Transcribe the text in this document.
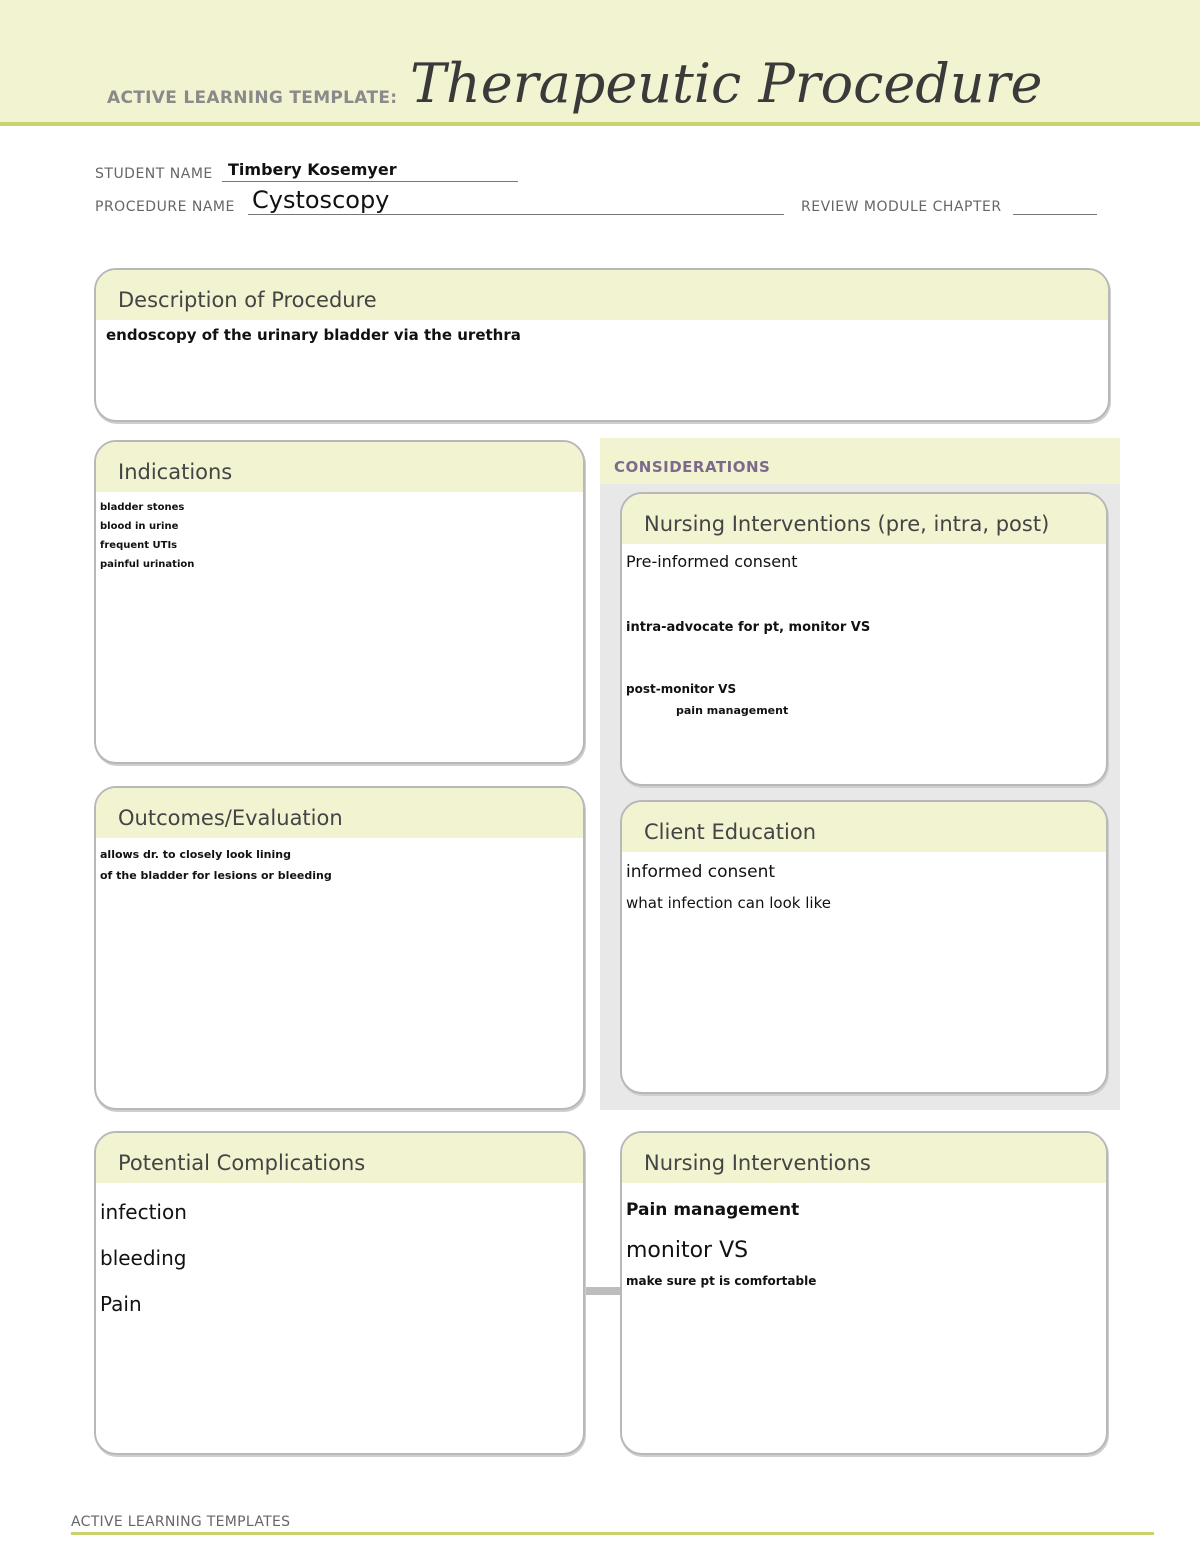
ACTIVE LEARNING TEMPLATE: Therapeutic Procedure
STUDENT NAME Timbery Kosemyer
PROCEDURE NAME Cystoscopy	REVIEW MODULE CHAPTER
Description of Procedure
endoscopy of the urinary bladder via the urethra
Indications
bladder stones
blood in urine
frequent UTIs
painful urination
CONSIDERATIONS
Nursing Interventions (pre, intra, post)
Pre-informed consent
intra-advocate for pt, monitor VS
post-monitor VS
pain management
Client Education
informed consent
what infection can look like
Outcomes/Evaluation
allows dr. to closely look lining
of the bladder for lesions or bleeding
Potential Complications
infection
bleeding
Pain
Nursing Interventions
Pain management
monitor VS
make sure pt is comfortable
ACTIVE LEARNING TEMPLATES
